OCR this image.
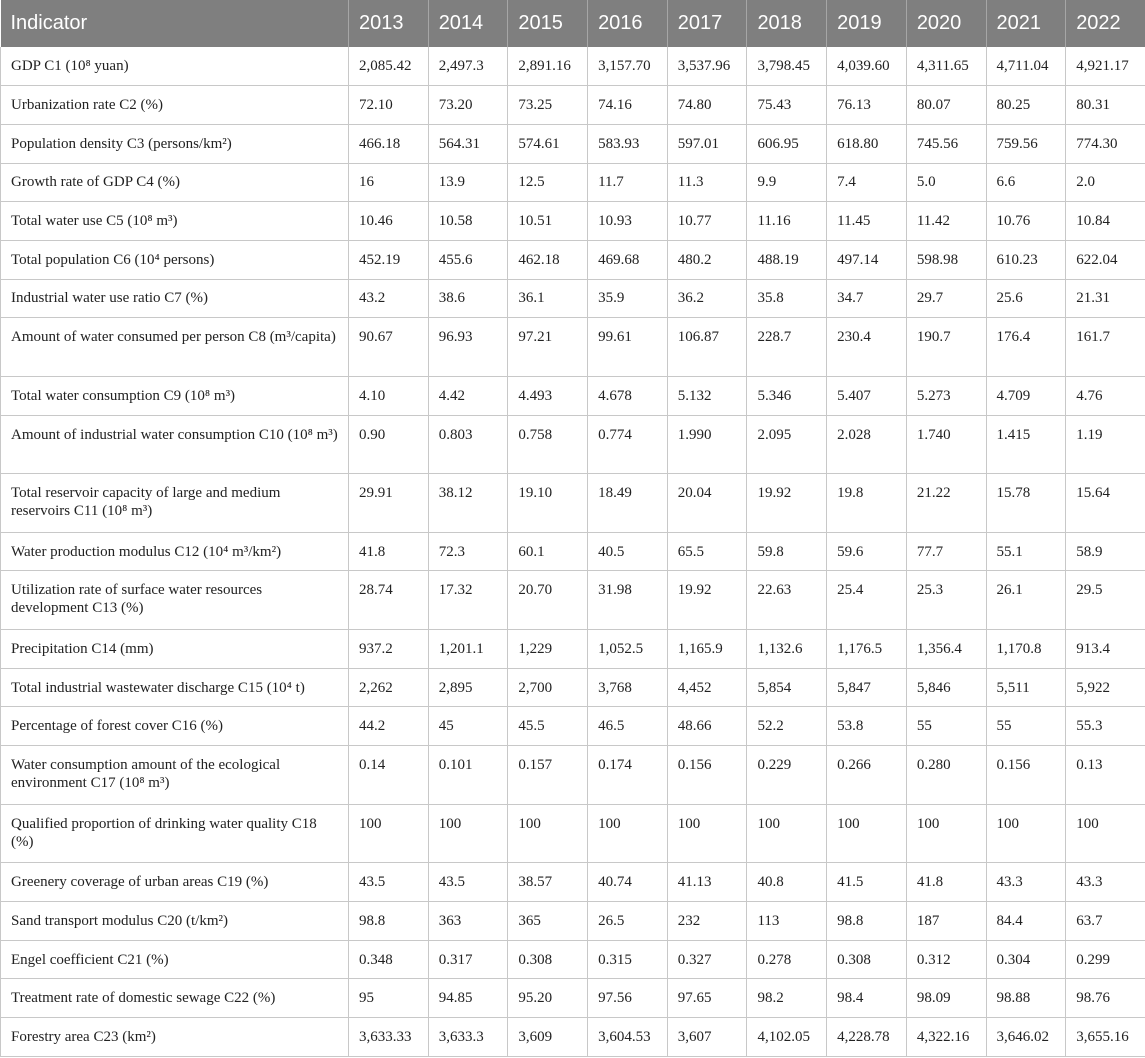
Indicator	2013	2014	2015	2016	2017	2018	2019	2020	2021	2022
GDP C1 (10⁸ yuan)	2,085.42	2,497.3	2,891.16	3,157.70	3,537.96	3,798.45	4,039.60	4,311.65	4,711.04	4,921.17
Urbanization rate C2 (%)	72.10	73.20	73.25	74.16	74.80	75.43	76.13	80.07	80.25	80.31
Population density C3 (persons/km²)	466.18	564.31	574.61	583.93	597.01	606.95	618.80	745.56	759.56	774.30
Growth rate of GDP C4 (%)	16	13.9	12.5	11.7	11.3	9.9	7.4	5.0	6.6	2.0
Total water use C5 (10⁸ m³)	10.46	10.58	10.51	10.93	10.77	11.16	11.45	11.42	10.76	10.84
Total population C6 (10⁴ persons)	452.19	455.6	462.18	469.68	480.2	488.19	497.14	598.98	610.23	622.04
Industrial water use ratio C7 (%)	43.2	38.6	36.1	35.9	36.2	35.8	34.7	29.7	25.6	21.31
Amount of water consumed per person C8 (m³/capita)	90.67	96.93	97.21	99.61	106.87	228.7	230.4	190.7	176.4	161.7
Total water consumption C9 (10⁸ m³)	4.10	4.42	4.493	4.678	5.132	5.346	5.407	5.273	4.709	4.76
Amount of industrial water consumption C10 (10⁸ m³)	0.90	0.803	0.758	0.774	1.990	2.095	2.028	1.740	1.415	1.19
Total reservoir capacity of large and medium reservoirs C11 (10⁸ m³)	29.91	38.12	19.10	18.49	20.04	19.92	19.8	21.22	15.78	15.64
Water production modulus C12 (10⁴ m³/km²)	41.8	72.3	60.1	40.5	65.5	59.8	59.6	77.7	55.1	58.9
Utilization rate of surface water resources development C13 (%)	28.74	17.32	20.70	31.98	19.92	22.63	25.4	25.3	26.1	29.5
Precipitation C14 (mm)	937.2	1,201.1	1,229	1,052.5	1,165.9	1,132.6	1,176.5	1,356.4	1,170.8	913.4
Total industrial wastewater discharge C15 (10⁴ t)	2,262	2,895	2,700	3,768	4,452	5,854	5,847	5,846	5,511	5,922
Percentage of forest cover C16 (%)	44.2	45	45.5	46.5	48.66	52.2	53.8	55	55	55.3
Water consumption amount of the ecological environment C17 (10⁸ m³)	0.14	0.101	0.157	0.174	0.156	0.229	0.266	0.280	0.156	0.13
Qualified proportion of drinking water quality C18 (%)	100	100	100	100	100	100	100	100	100	100
Greenery coverage of urban areas C19 (%)	43.5	43.5	38.57	40.74	41.13	40.8	41.5	41.8	43.3	43.3
Sand transport modulus C20 (t/km²)	98.8	363	365	26.5	232	113	98.8	187	84.4	63.7
Engel coefficient C21 (%)	0.348	0.317	0.308	0.315	0.327	0.278	0.308	0.312	0.304	0.299
Treatment rate of domestic sewage C22 (%)	95	94.85	95.20	97.56	97.65	98.2	98.4	98.09	98.88	98.76
Forestry area C23 (km²)	3,633.33	3,633.3	3,609	3,604.53	3,607	4,102.05	4,228.78	4,322.16	3,646.02	3,655.16
